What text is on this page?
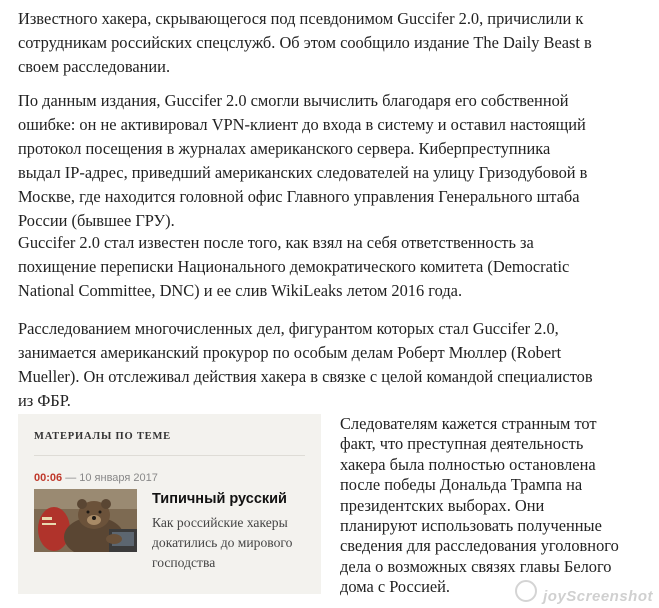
Известного хакера, скрывающегося под псевдонимом Guccifer 2.0, причислили к
сотрудникам российских спецслужб. Об этом сообщило издание The Daily Beast в
своем расследовании.

По данным издания, Guccifer 2.0 смогли вычислить благодаря его собственной
ошибке: он не активировал VPN-клиент до входа в систему и оставил настоящий
протокол посещения в журналах американского сервера. Киберпреступника
выдал IP-адрес, приведший американских следователей на улицу Гризодубовой в
Москве, где находится головной офис Главного управления Генерального штаба
России (бывшее ГРУ).

Guccifer 2.0 стал известен после того, как взял на себя ответственность за
похищение переписки Национального демократического комитета (Democratic
National Committee, DNC) и ее слив WikiLeaks летом 2016 года.

Расследованием многочисленных дел, фигурантом которых стал Guccifer 2.0,
занимается американский прокурор по особым делам Роберт Мюллер (Robert
Mueller). Он отслеживал действия хакера в связке с целой командой специалистов
из ФБР.

МАТЕРИАЛЫ ПО ТЕМЕ
00:06 — 10 января 2017
Типичный русский
Как российские хакеры докатились до мирового господства

Следователям кажется странным тот
факт, что преступная деятельность
хакера была полностью остановлена
после победы Дональда Трампа на
президентских выборах. Они
планируют использовать полученные
сведения для расследования уголовного
дела о возможных связях главы Белого
дома с Россией.

joyScreenshot
